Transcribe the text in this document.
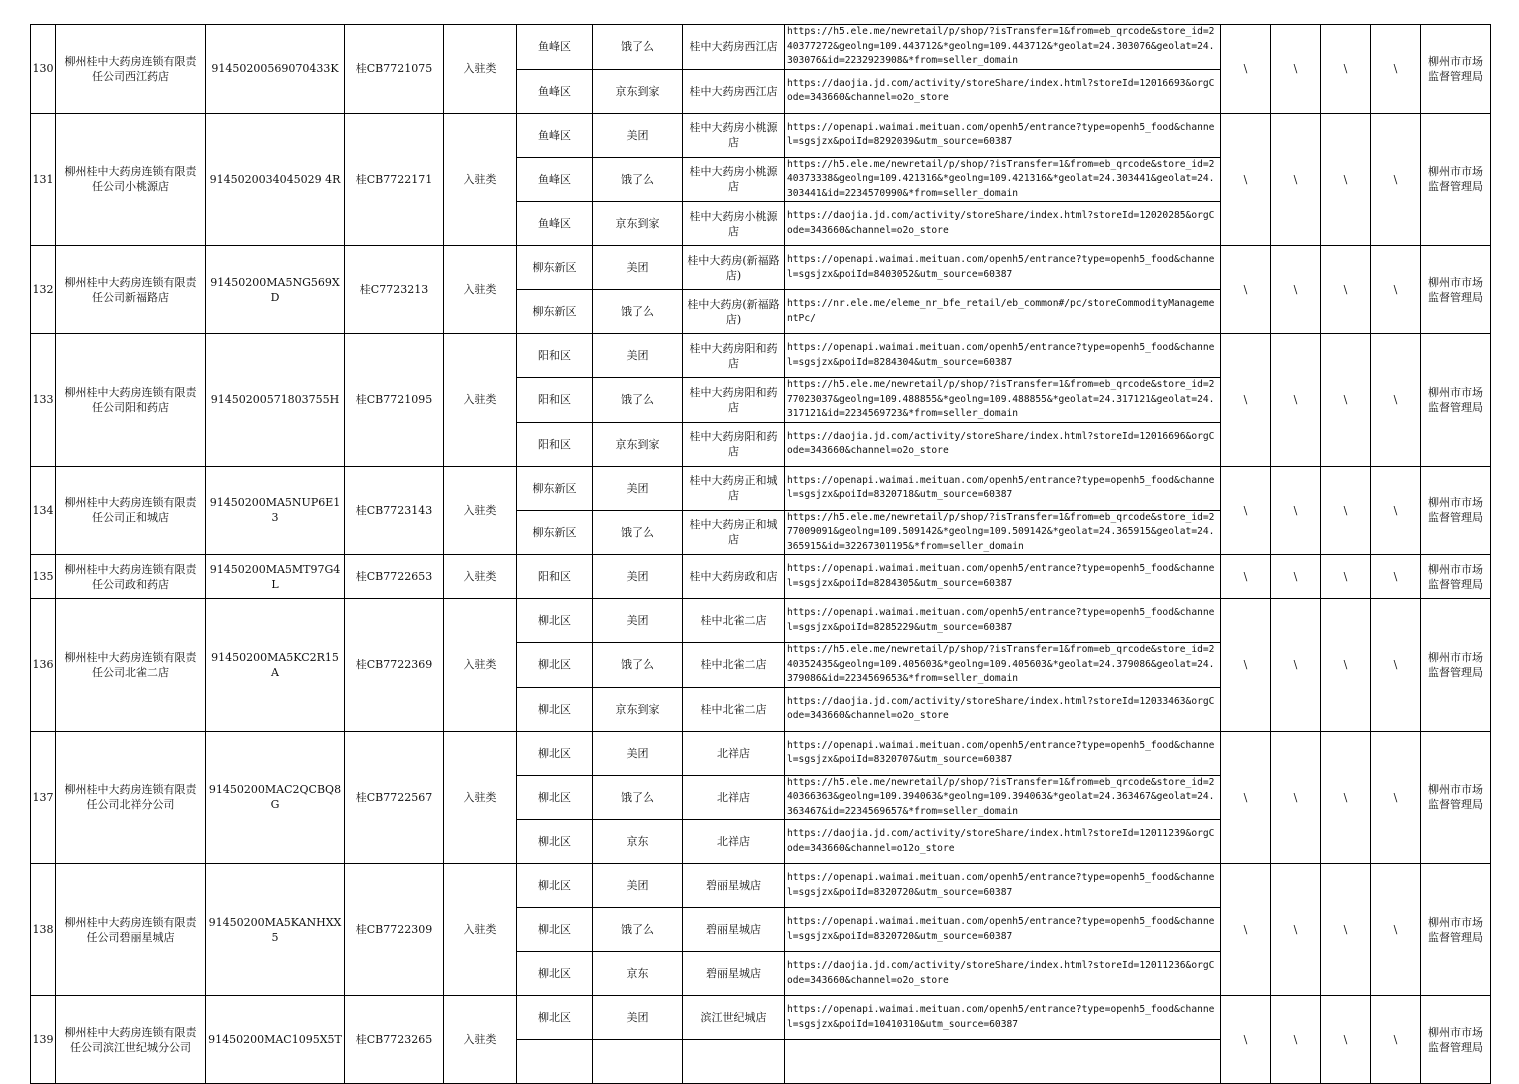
130	柳州桂中大药房连锁有限责任公司西江药店	91450200569070433K	桂CB7721075	入驻类	鱼峰区	饿了么	桂中大药房西江店	https://h5.ele.me/newretail/p/shop/?isTransfer=1&from=eb_qrcode&store_id=240377272&geolng=109.443712&*geolng=109.443712&*geolat=24.303076&geolat=24.303076&id=2232923908&*from=seller_domain	\	\	\	\	柳州市市场监督管理局
					鱼峰区	京东到家	桂中大药房西江店	https://daojia.jd.com/activity/storeShare/index.html?storeId=12016693&orgCode=343660&channel=o2o_store					

131	柳州桂中大药房连锁有限责任公司小桃源店	9145020034045029 4R	桂CB7722171	入驻类	鱼峰区	美团	桂中大药房小桃源店	https://openapi.waimai.meituan.com/openh5/entrance?type=openh5_food&channel=sgsjzx&poiId=8292039&utm_source=60387	\	\	\	\	柳州市市场监督管理局
					鱼峰区	饿了么	桂中大药房小桃源店	https://h5.ele.me/newretail/p/shop/?isTransfer=1&from=eb_qrcode&store_id=240373338&geolng=109.421316&*geolng=109.421316&*geolat=24.303441&geolat=24.303441&id=2234570990&*from=seller_domain					

					鱼峰区	京东到家	桂中大药房小桃源店	https://daojia.jd.com/activity/storeShare/index.html?storeId=12020285&orgCode=343660&channel=o2o_store					

132	柳州桂中大药房连锁有限责任公司新福路店	91450200MA5NG569XD	桂C7723213	入驻类	柳东新区	美团	桂中大药房(新福路店)	https://openapi.waimai.meituan.com/openh5/entrance?type=openh5_food&channel=sgsjzx&poiId=8403052&utm_source=60387	\	\	\	\	柳州市市场监督管理局
					柳东新区	饿了么	桂中大药房(新福路店)	https://nr.ele.me/eleme_nr_bfe_retail/eb_common#/pc/storeCommodityManagementPc/					

133	柳州桂中大药房连锁有限责任公司阳和药店	91450200571803755H	桂CB7721095	入驻类	阳和区	美团	桂中大药房阳和药店	https://openapi.waimai.meituan.com/openh5/entrance?type=openh5_food&channel=sgsjzx&poiId=8284304&utm_source=60387	\	\	\	\	柳州市市场监督管理局
					阳和区	饿了么	桂中大药房阳和药店	https://h5.ele.me/newretail/p/shop/?isTransfer=1&from=eb_qrcode&store_id=277023037&geolng=109.488855&*geolng=109.488855&*geolat=24.317121&geolat=24.317121&id=2234569723&*from=seller_domain					

					阳和区	京东到家	桂中大药房阳和药店	https://daojia.jd.com/activity/storeShare/index.html?storeId=12016696&orgCode=343660&channel=o2o_store					

134	柳州桂中大药房连锁有限责任公司正和城店	91450200MA5NUP6E13	桂CB7723143	入驻类	柳东新区	美团	桂中大药房正和城店	https://openapi.waimai.meituan.com/openh5/entrance?type=openh5_food&channel=sgsjzx&poiId=8320718&utm_source=60387	\	\	\	\	柳州市市场监督管理局
					柳东新区	饿了么	桂中大药房正和城店	https://h5.ele.me/newretail/p/shop/?isTransfer=1&from=eb_qrcode&store_id=277009091&geolng=109.509142&*geolng=109.509142&*geolat=24.365915&geolat=24.365915&id=32267301195&*from=seller_domain					

135	柳州桂中大药房连锁有限责任公司政和药店	91450200MA5MT97G4L	桂CB7722653	入驻类	阳和区	美团	桂中大药房政和店	https://openapi.waimai.meituan.com/openh5/entrance?type=openh5_food&channel=sgsjzx&poiId=8284305&utm_source=60387	\	\	\	\	柳州市市场监督管理局
136	柳州桂中大药房连锁有限责任公司北雀二店	91450200MA5KC2R15A	桂CB7722369	入驻类	柳北区	美团	桂中北雀二店	https://openapi.waimai.meituan.com/openh5/entrance?type=openh5_food&channel=sgsjzx&poiId=8285229&utm_source=60387	\	\	\	\	柳州市市场监督管理局
					柳北区	饿了么	桂中北雀二店	https://h5.ele.me/newretail/p/shop/?isTransfer=1&from=eb_qrcode&store_id=240352435&geolng=109.405603&*geolng=109.405603&*geolat=24.379086&geolat=24.379086&id=2234569653&*from=seller_domain					

					柳北区	京东到家	桂中北雀二店	https://daojia.jd.com/activity/storeShare/index.html?storeId=12033463&orgCode=343660&channel=o2o_store					

137	柳州桂中大药房连锁有限责任公司北祥分公司	91450200MAC2QCBQ8G	桂CB7722567	入驻类	柳北区	美团	北祥店	https://openapi.waimai.meituan.com/openh5/entrance?type=openh5_food&channel=sgsjzx&poiId=8320707&utm_source=60387	\	\	\	\	柳州市市场监督管理局
					柳北区	饿了么	北祥店	https://h5.ele.me/newretail/p/shop/?isTransfer=1&from=eb_qrcode&store_id=240366363&geolng=109.394063&*geolng=109.394063&*geolat=24.363467&geolat=24.363467&id=2234569657&*from=seller_domain					

					柳北区	京东	北祥店	https://daojia.jd.com/activity/storeShare/index.html?storeId=12011239&orgCode=343660&channel=o12o_store					

138	柳州桂中大药房连锁有限责任公司碧丽星城店	91450200MA5KANHXX5	桂CB7722309	入驻类	柳北区	美团	碧丽星城店	https://openapi.waimai.meituan.com/openh5/entrance?type=openh5_food&channel=sgsjzx&poiId=8320720&utm_source=60387	\	\	\	\	柳州市市场监督管理局
					柳北区	饿了么	碧丽星城店	https://openapi.waimai.meituan.com/openh5/entrance?type=openh5_food&channel=sgsjzx&poiId=8320720&utm_source=60387					

					柳北区	京东	碧丽星城店	https://daojia.jd.com/activity/storeShare/index.html?storeId=12011236&orgCode=343660&channel=o2o_store					

139	柳州桂中大药房连锁有限责任公司滨江世纪城分公司	91450200MAC1095X5T	桂CB7723265	入驻类	柳北区	美团	滨江世纪城店	https://openapi.waimai.meituan.com/openh5/entrance?type=openh5_food&channel=sgsjzx&poiId=10410310&utm_source=60387	\	\	\	\	柳州市市场监督管理局
